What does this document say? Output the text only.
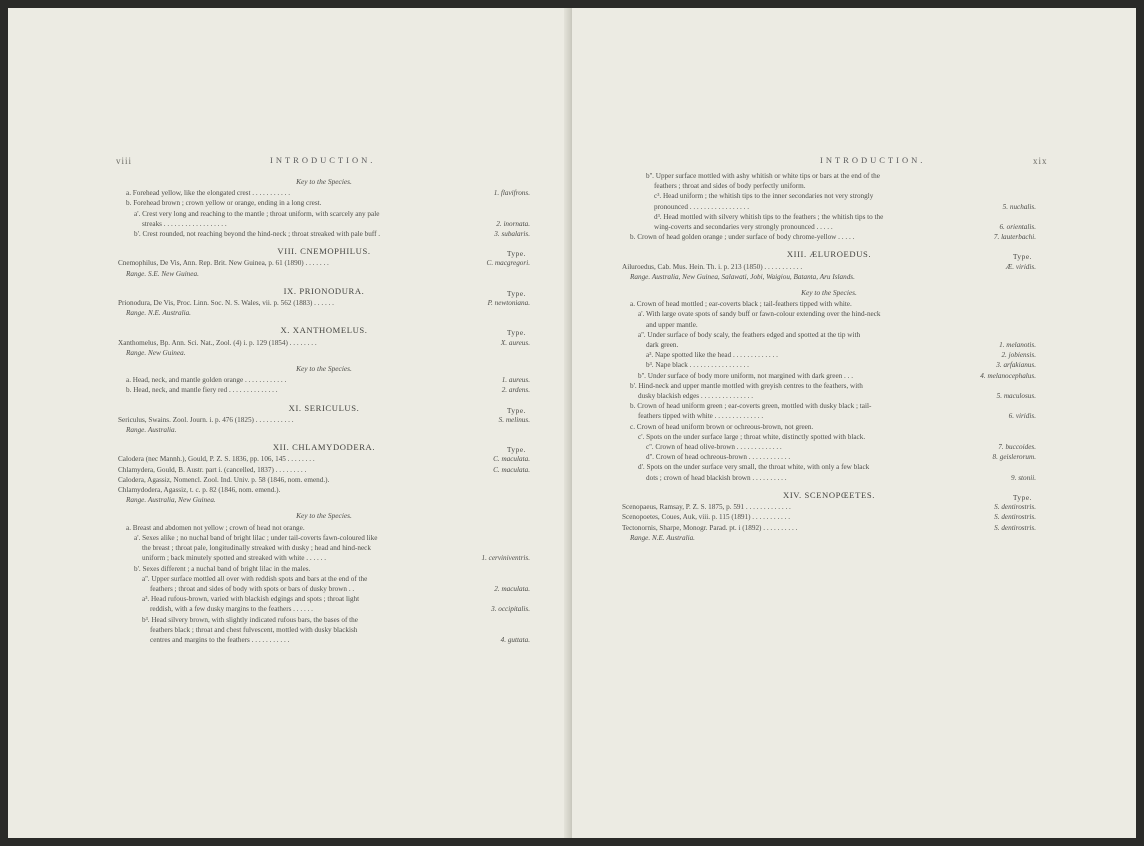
viii	INTRODUCTION.
Key to the Species.
a. Forehead yellow, like the elongated crest . . . . . . . . . . .	1. flavifrons.
b. Forehead brown ; crown yellow or orange, ending in a long crest.
a'. Crest very long and reaching to the mantle ; throat uniform, with scarcely any pale
streaks . . . . . . . . . . . . . . . . . .	2. inornata.
b'. Crest rounded, not reaching beyond the hind-neck ; throat streaked with pale buff .	3. subalaris.
VIII. CNEMOPHILUS.	Type.
Cnemophilus, De Vis, Ann. Rep. Brit. New Guinea, p. 61 (1890) . . . . . . .	C. macgregori.
Range. S.E. New Guinea.
IX. PRIONODURA.	Type.
Prionodura, De Vis, Proc. Linn. Soc. N. S. Wales, vii. p. 562 (1883) . . . . . .	P. newtoniana.
Range. N.E. Australia.
X. XANTHOMELUS.	Type.
Xanthomelus, Bp. Ann. Sci. Nat., Zool. (4) i. p. 129 (1854) . . . . . . . .	X. aureus.
Range. New Guinea.
Key to the Species.
a. Head, neck, and mantle golden orange . . . . . . . . . . . .	1. aureus.
b. Head, neck, and mantle fiery red . . . . . . . . . . . . . .	2. ardens.
XI. SERICULUS.	Type.
Sericulus, Swains. Zool. Journ. i. p. 476 (1825) . . . . . . . . . . .	S. melinus.
Range. Australia.
XII. CHLAMYDODERA.	Type.
Calodera (nec Mannh.), Gould, P. Z. S. 1836, pp. 106, 145 . . . . . . . .	C. maculata.
Chlamydera, Gould, B. Austr. part i. (cancelled, 1837) . . . . . . . . .	C. maculata.
Calodera, Agassiz, Nomencl. Zool. Ind. Univ. p. 58 (1846, nom. emend.).
Chlamydodera, Agassiz, t. c. p. 82 (1846, nom. emend.).
Range. Australia, New Guinea.
Key to the Species.
a. Breast and abdomen not yellow ; crown of head not orange.
a'. Sexes alike ; no nuchal band of bright lilac ; under tail-coverts fawn-coloured like
the breast ; throat pale, longitudinally streaked with dusky ; head and hind-neck
uniform ; back minutely spotted and streaked with white . . . . . .	1. cerviniventris.
b'. Sexes different ; a nuchal band of bright lilac in the males.
a''. Upper surface mottled all over with reddish spots and bars at the end of the
feathers ; throat and sides of body with spots or bars of dusky brown . .	2. maculata.
a³. Head rufous-brown, varied with blackish edgings and spots ; throat light
reddish, with a few dusky margins to the feathers . . . . . .	3. occipitalis.
b³. Head silvery brown, with slightly indicated rufous bars, the bases of the
feathers black ; throat and chest fulvescent, mottled with dusky blackish
centres and margins to the feathers . . . . . . . . . . .	4. guttata.
INTRODUCTION.	xix
b''. Upper surface mottled with ashy whitish or white tips or bars at the end of the
feathers ; throat and sides of body perfectly uniform.
c³. Head uniform ; the whitish tips to the inner secondaries not very strongly
pronounced . . . . . . . . . . . . . . . . .	5. nuchalis.
d³. Head mottled with silvery whitish tips to the feathers ; the whitish tips to the
wing-coverts and secondaries very strongly pronounced . . . . .	6. orientalis.
b. Crown of head golden orange ; under surface of body chrome-yellow . . . . .	7. lauterbachi.
XIII. ÆLUROEDUS.	Type.
Ailuroedus, Cab. Mus. Hein. Th. i. p. 213 (1850) . . . . . . . . . . .	Æ. viridis.
Range. Australia, New Guinea, Salawati, Jobi, Waigiou, Batanta, Aru Islands.
Key to the Species.
a. Crown of head mottled ; ear-coverts black ; tail-feathers tipped with white.
a'. With large ovate spots of sandy buff or fawn-colour extending over the hind-neck
and upper mantle.
a''. Under surface of body scaly, the feathers edged and spotted at the tip with
dark green.	1. melanotis.
a³. Nape spotted like the head . . . . . . . . . . . . .	2. jobiensis.
b³. Nape black . . . . . . . . . . . . . . . . .	3. arfakianus.
b''. Under surface of body more uniform, not margined with dark green . . .	4. melanocephalus.
b'. Hind-neck and upper mantle mottled with greyish centres to the feathers, with
dusky blackish edges . . . . . . . . . . . . . . .	5. maculosus.
b. Crown of head uniform green ; ear-coverts green, mottled with dusky black ; tail-
feathers tipped with white . . . . . . . . . . . . . .	6. viridis.
c. Crown of head uniform brown or ochreous-brown, not green.
c'. Spots on the under surface large ; throat white, distinctly spotted with black.
c''. Crown of head olive-brown . . . . . . . . . . . . .	7. buccoides.
d''. Crown of head ochreous-brown . . . . . . . . . . . .	8. geislerorum.
d'. Spots on the under surface very small, the throat white, with only a few black
dots ; crown of head blackish brown . . . . . . . . . .	9. stonii.
XIV. SCENOPŒETES.	Type.
Scenopaeus, Ramsay, P. Z. S. 1875, p. 591 . . . . . . . . . . . . .	S. dentirostris.
Scenopoetes, Coues, Auk, viii. p. 115 (1891) . . . . . . . . . . .	S. dentirostris.
Tectonornis, Sharpe, Monogr. Parad. pt. i (1892) . . . . . . . . . .	S. dentirostris.
Range. N.E. Australia.
